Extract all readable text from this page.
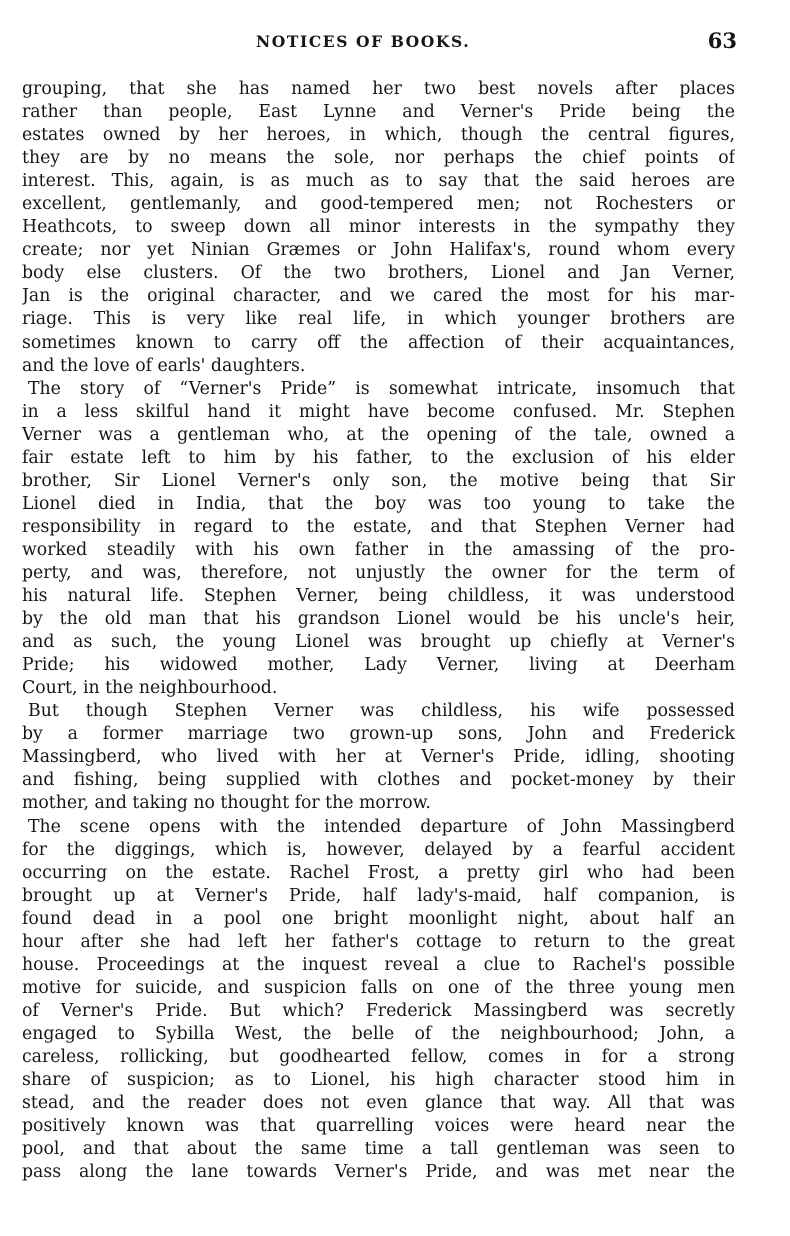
NOTICES OF BOOKS.	63
grouping, that she has named her two best novels after places
rather than people, East Lynne and Verner's Pride being the
estates owned by her heroes, in which, though the central figures,
they are by no means the sole, nor perhaps the chief points of
interest. This, again, is as much as to say that the said heroes are
excellent, gentlemanly, and good-tempered men; not Rochesters or
Heathcots, to sweep down all minor interests in the sympathy they
create; nor yet Ninian Græmes or John Halifax's, round whom every
body else clusters. Of the two brothers, Lionel and Jan Verner,
Jan is the original character, and we cared the most for his mar-
riage. This is very like real life, in which younger brothers are
sometimes known to carry off the affection of their acquaintances,
and the love of earls' daughters.
The story of “Verner's Pride” is somewhat intricate, insomuch that
in a less skilful hand it might have become confused. Mr. Stephen
Verner was a gentleman who, at the opening of the tale, owned a
fair estate left to him by his father, to the exclusion of his elder
brother, Sir Lionel Verner's only son, the motive being that Sir
Lionel died in India, that the boy was too young to take the
responsibility in regard to the estate, and that Stephen Verner had
worked steadily with his own father in the amassing of the pro-
perty, and was, therefore, not unjustly the owner for the term of
his natural life. Stephen Verner, being childless, it was understood
by the old man that his grandson Lionel would be his uncle's heir,
and as such, the young Lionel was brought up chiefly at Verner's
Pride; his widowed mother, Lady Verner, living at Deerham
Court, in the neighbourhood.
But though Stephen Verner was childless, his wife possessed
by a former marriage two grown-up sons, John and Frederick
Massingberd, who lived with her at Verner's Pride, idling, shooting
and fishing, being supplied with clothes and pocket-money by their
mother, and taking no thought for the morrow.
The scene opens with the intended departure of John Massingberd
for the diggings, which is, however, delayed by a fearful accident
occurring on the estate. Rachel Frost, a pretty girl who had been
brought up at Verner's Pride, half lady's-maid, half companion, is
found dead in a pool one bright moonlight night, about half an
hour after she had left her father's cottage to return to the great
house. Proceedings at the inquest reveal a clue to Rachel's possible
motive for suicide, and suspicion falls on one of the three young men
of Verner's Pride. But which? Frederick Massingberd was secretly
engaged to Sybilla West, the belle of the neighbourhood; John, a
careless, rollicking, but goodhearted fellow, comes in for a strong
share of suspicion; as to Lionel, his high character stood him in
stead, and the reader does not even glance that way. All that was
positively known was that quarrelling voices were heard near the
pool, and that about the same time a tall gentleman was seen to
pass along the lane towards Verner's Pride, and was met near the
